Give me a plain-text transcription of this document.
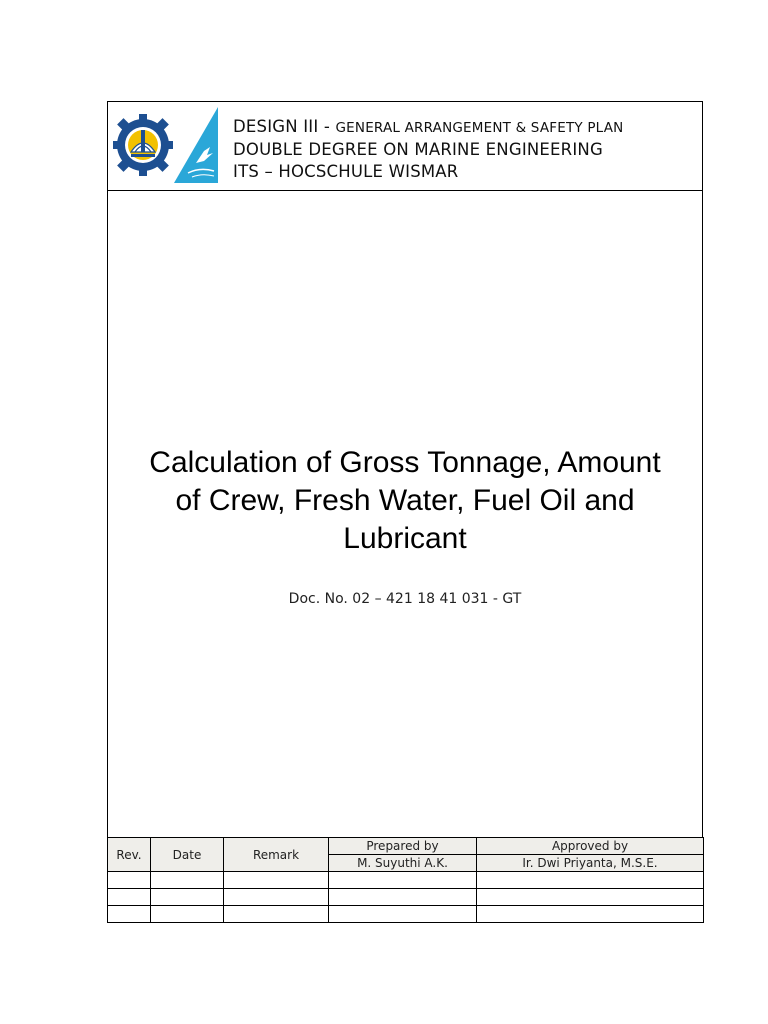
DESIGN III - GENERAL ARRANGEMENT & SAFETY PLAN
DOUBLE DEGREE ON MARINE ENGINEERING
ITS – HOCSCHULE WISMAR
Calculation of Gross Tonnage, Amount
of Crew, Fresh Water, Fuel Oil and
Lubricant
Doc. No. 02 – 421 18 41 031 - GT
Rev.	Date	Remark	Prepared by	Approved by
			M. Suyuthi A.K.	Ir. Dwi Priyanta, M.S.E.
